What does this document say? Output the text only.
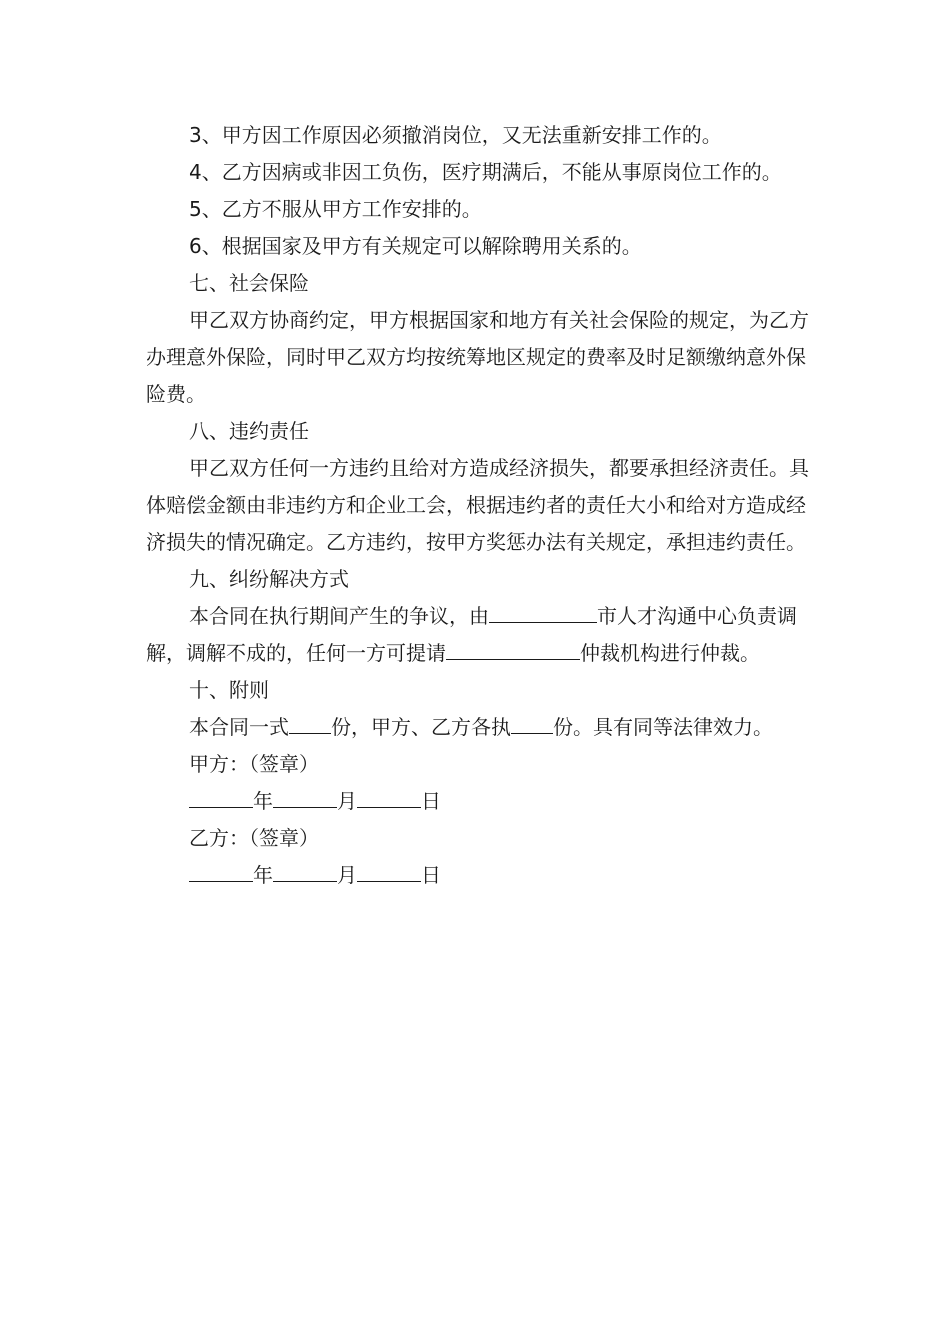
3、甲方因工作原因必须撤消岗位，又无法重新安排工作的。

4、乙方因病或非因工负伤，医疗期满后，不能从事原岗位工作的。

5、乙方不服从甲方工作安排的。

6、根据国家及甲方有关规定可以解除聘用关系的。

七、社会保险

甲乙双方协商约定，甲方根据国家和地方有关社会保险的规定，为乙方办理意外保险，同时甲乙双方均按统筹地区规定的费率及时足额缴纳意外保险费。

八、违约责任

甲乙双方任何一方违约且给对方造成经济损失，都要承担经济责任。具体赔偿金额由非违约方和企业工会，根据违约者的责任大小和给对方造成经济损失的情况确定。乙方违约，按甲方奖惩办法有关规定，承担违约责任。

九、纠纷解决方式

本合同在执行期间产生的争议，由	市人才沟通中心负责调解，调解不成的，任何一方可提请	仲裁机构进行仲裁。

十、附则

本合同一式 份，甲方、乙方各执 份。具有同等法律效力。

甲方：（签章）

年	月	日

乙方：（签章）

年	月	日
